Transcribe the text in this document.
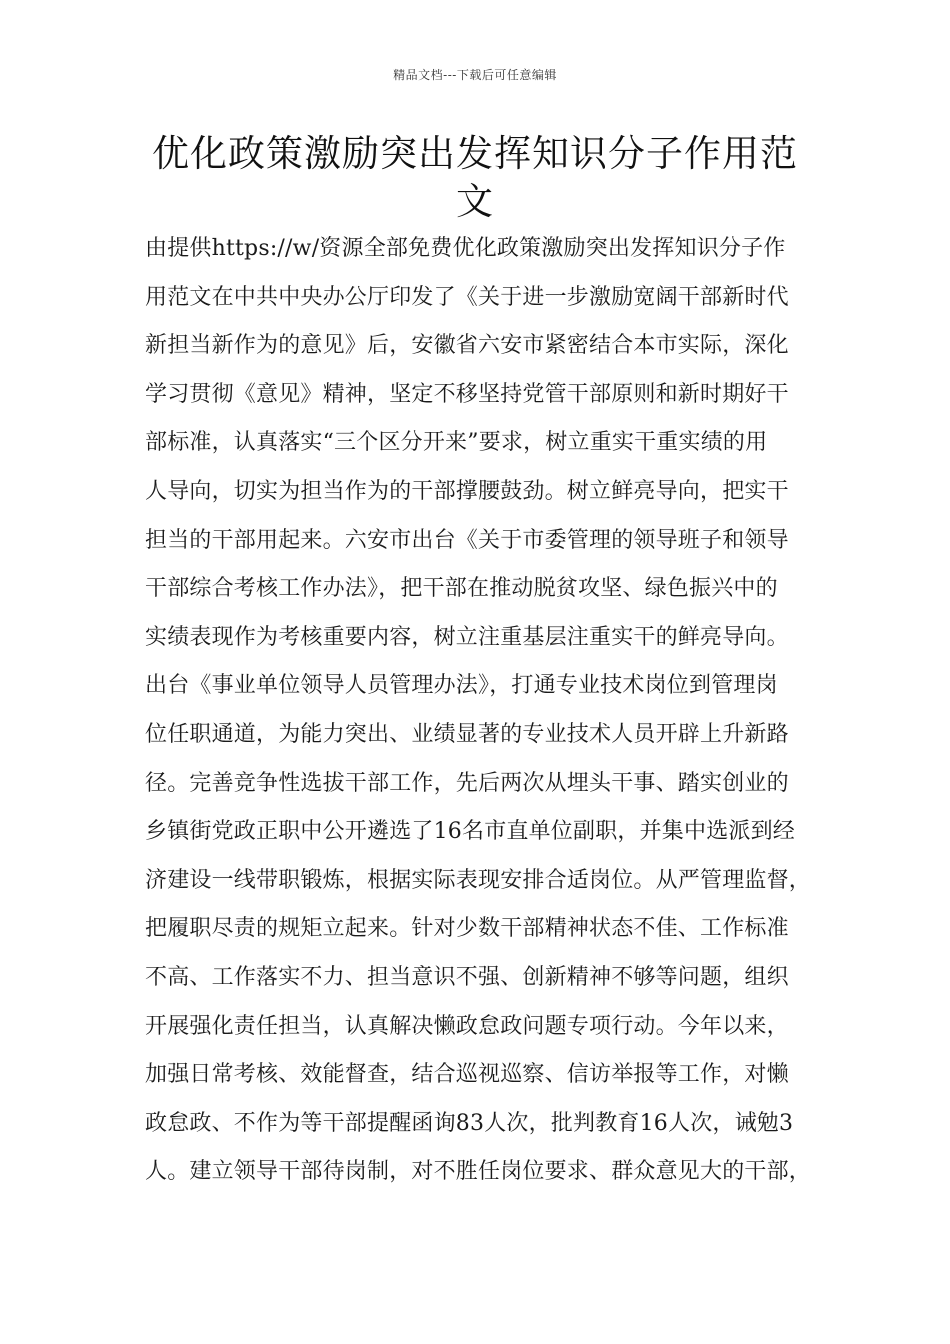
精品文档---下载后可任意编辑
优化政策激励突出发挥知识分子作用范
文
由提供https://w/资源全部免费优化政策激励突出发挥知识分子作
用范文在中共中央办公厅印发了《关于进一步激励宽阔干部新时代
新担当新作为的意见》后，安徽省六安市紧密结合本市实际，深化
学习贯彻《意见》精神，坚定不移坚持党管干部原则和新时期好干
部标准，认真落实“三个区分开来”要求，树立重实干重实绩的用
人导向，切实为担当作为的干部撑腰鼓劲。树立鲜亮导向，把实干
担当的干部用起来。六安市出台《关于市委管理的领导班子和领导
干部综合考核工作办法》，把干部在推动脱贫攻坚、绿色振兴中的
实绩表现作为考核重要内容，树立注重基层注重实干的鲜亮导向。
出台《事业单位领导人员管理办法》，打通专业技术岗位到管理岗
位任职通道，为能力突出、业绩显著的专业技术人员开辟上升新路
径。完善竞争性选拔干部工作，先后两次从埋头干事、踏实创业的
乡镇街党政正职中公开遴选了16名市直单位副职，并集中选派到经
济建设一线带职锻炼，根据实际表现安排合适岗位。从严管理监督，
把履职尽责的规矩立起来。针对少数干部精神状态不佳、工作标准
不高、工作落实不力、担当意识不强、创新精神不够等问题，组织
开展强化责任担当，认真解决懒政怠政问题专项行动。今年以来，
加强日常考核、效能督查，结合巡视巡察、信访举报等工作，对懒
政怠政、不作为等干部提醒函询83人次，批判教育16人次，诫勉3
人。建立领导干部待岗制，对不胜任岗位要求、群众意见大的干部，
